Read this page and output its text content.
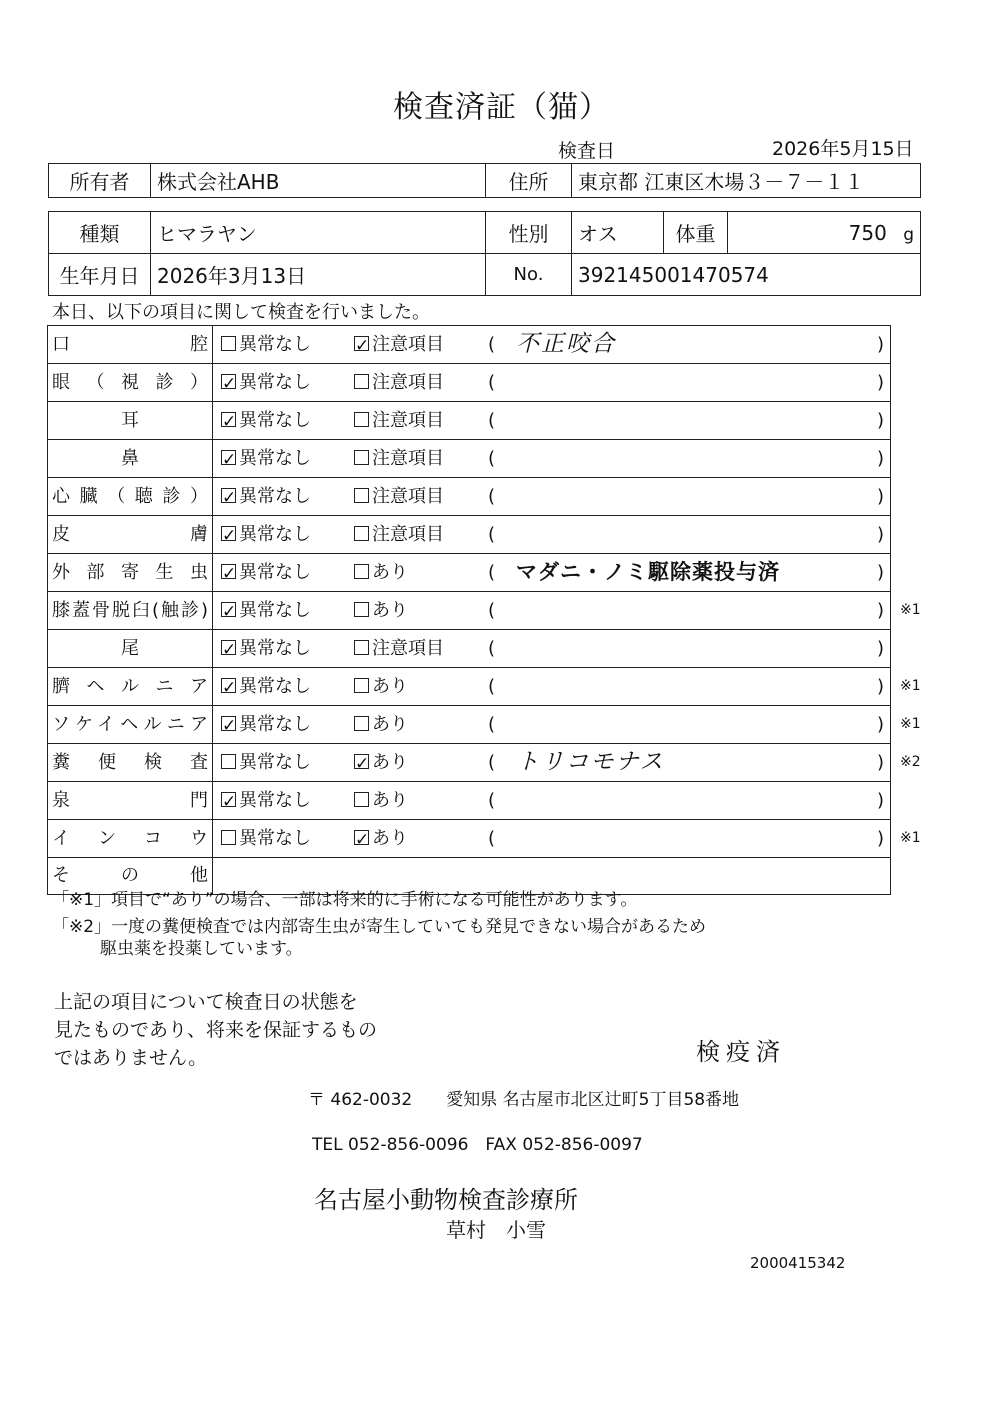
検査済証（猫）
検査日	2026年5月15日
所有者	株式会社AHB	住所	東京都 江東区木場３－７－１１
種類	ヒマラヤン	性別	オス	体重	750 g
生年月日	2026年3月13日	No.	392145001470574		
本日、以下の項目に関して検査を行いました。
口腔	異常なし ✓	注意項目 ( 不正咬合	)
眼（視診） ✓	異常なし	注意項目 (	)
耳 ✓	異常なし	注意項目 (	)
鼻 ✓	異常なし	注意項目 (	)
心臓（聴診） ✓	異常なし	注意項目 (	)
皮膚 ✓	異常なし	注意項目 (	)
外部寄生虫 ✓	異常なし	あり	( マダニ・ノミ駆除薬投与済	)
膝蓋骨脱臼(触診) ✓	異常なし	あり	(	) ※1
尾 ✓	異常なし	注意項目 (	)
臍ヘルニア ✓	異常なし	あり	(	) ※1
ソケイヘルニア ✓	異常なし	あり	(	) ※1
糞便検査	異常なし ✓	あり	( トリコモナス	) ※2
泉門 ✓	異常なし	あり	(	)
インコウ	異常なし ✓	あり	(	) ※1
その他
「※1」項目で“あり”の場合、一部は将来的に手術になる可能性があります。
「※2」一度の糞便検査では内部寄生虫が寄生していても発見できない場合があるため
駆虫薬を投薬しています。
上記の項目について検査日の状態を
見たものであり、将来を保証するもの
ではありません。	検疫済
〒 462-0032　　愛知県 名古屋市北区辻町5丁目58番地
TEL 052-856-0096　FAX 052-856-0097
名古屋小動物検査診療所
草村　小雪
2000415342
